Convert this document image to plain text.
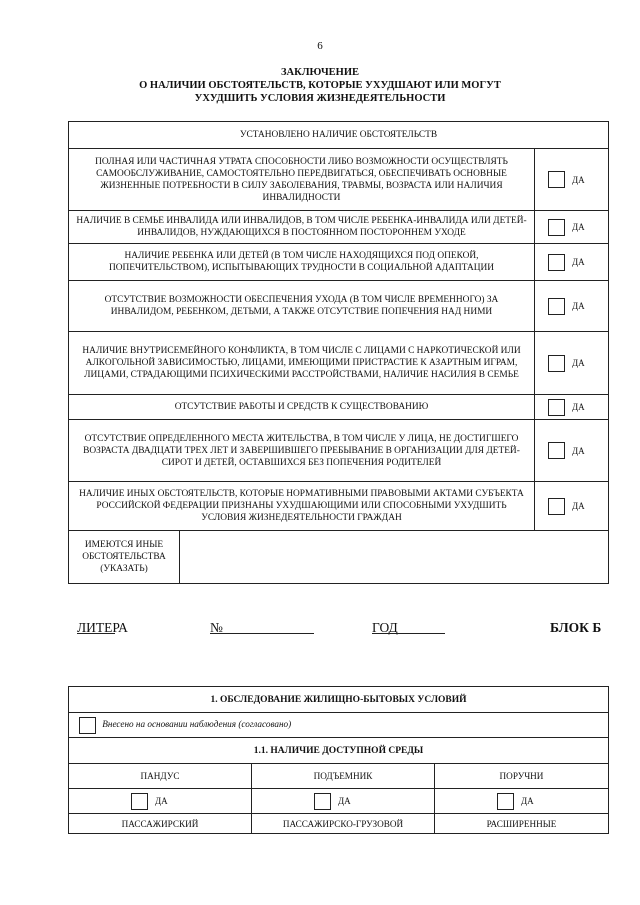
6
ЗАКЛЮЧЕНИЕ
О НАЛИЧИИ ОБСТОЯТЕЛЬСТВ, КОТОРЫЕ УХУДШАЮТ ИЛИ МОГУТ
УХУДШИТЬ УСЛОВИЯ ЖИЗНЕДЕЯТЕЛЬНОСТИ
УСТАНОВЛЕНО НАЛИЧИЕ ОБСТОЯТЕЛЬСТВ		
ПОЛНАЯ ИЛИ ЧАСТИЧНАЯ УТРАТА СПОСОБНОСТИ ЛИБО ВОЗМОЖНОСТИ ОСУЩЕСТВЛЯТЬ САМООБСЛУЖИВАНИЕ, САМОСТОЯТЕЛЬНО ПЕРЕДВИГАТЬСЯ, ОБЕСПЕЧИВАТЬ ОСНОВНЫЕ ЖИЗНЕННЫЕ ПОТРЕБНОСТИ В СИЛУ ЗАБОЛЕВАНИЯ, ТРАВМЫ, ВОЗРАСТА ИЛИ НАЛИЧИЯ ИНВАЛИДНОСТИ		ДА
НАЛИЧИЕ В СЕМЬЕ ИНВАЛИДА ИЛИ ИНВАЛИДОВ, В ТОМ ЧИСЛЕ РЕБЕНКА-ИНВАЛИДА ИЛИ ДЕТЕЙ-ИНВАЛИДОВ, НУЖДАЮЩИХСЯ В ПОСТОЯННОМ ПОСТОРОННЕМ УХОДЕ		ДА
НАЛИЧИЕ РЕБЕНКА ИЛИ ДЕТЕЙ (В ТОМ ЧИСЛЕ НАХОДЯЩИХСЯ ПОД ОПЕКОЙ, ПОПЕЧИТЕЛЬСТВОМ), ИСПЫТЫВАЮЩИХ ТРУДНОСТИ В СОЦИАЛЬНОЙ АДАПТАЦИИ		ДА
ОТСУТСТВИЕ ВОЗМОЖНОСТИ ОБЕСПЕЧЕНИЯ УХОДА (В ТОМ ЧИСЛЕ ВРЕМЕННОГО) ЗА ИНВАЛИДОМ, РЕБЕНКОМ, ДЕТЬМИ, А ТАКЖЕ ОТСУТСТВИЕ ПОПЕЧЕНИЯ НАД НИМИ		ДА
НАЛИЧИЕ ВНУТРИСЕМЕЙНОГО КОНФЛИКТА, В ТОМ ЧИСЛЕ С ЛИЦАМИ С НАРКОТИЧЕСКОЙ ИЛИ АЛКОГОЛЬНОЙ ЗАВИСИМОСТЬЮ, ЛИЦАМИ, ИМЕЮЩИМИ ПРИСТРАСТИЕ К АЗАРТНЫМ ИГРАМ, ЛИЦАМИ, СТРАДАЮЩИМИ ПСИХИЧЕСКИМИ РАССТРОЙСТВАМИ, НАЛИЧИЕ НАСИЛИЯ В СЕМЬЕ		ДА
ОТСУТСТВИЕ РАБОТЫ И СРЕДСТВ К СУЩЕСТВОВАНИЮ		ДА
ОТСУТСТВИЕ ОПРЕДЕЛЕННОГО МЕСТА ЖИТЕЛЬСТВА, В ТОМ ЧИСЛЕ У ЛИЦА, НЕ ДОСТИГШЕГО ВОЗРАСТА ДВАДЦАТИ ТРЕХ ЛЕТ И ЗАВЕРШИВШЕГО ПРЕБЫВАНИЕ В ОРГАНИЗАЦИИ ДЛЯ ДЕТЕЙ-СИРОТ И ДЕТЕЙ, ОСТАВШИХСЯ БЕЗ ПОПЕЧЕНИЯ РОДИТЕЛЕЙ		ДА
НАЛИЧИЕ ИНЫХ ОБСТОЯТЕЛЬСТВ, КОТОРЫЕ НОРМАТИВНЫМИ ПРАВОВЫМИ АКТАМИ СУБЪЕКТА РОССИЙСКОЙ ФЕДЕРАЦИИ ПРИЗНАНЫ УХУДШАЮЩИМИ ИЛИ СПОСОБНЫМИ УХУДШИТЬ УСЛОВИЯ ЖИЗНЕДЕЯТЕЛЬНОСТИ ГРАЖДАН		ДА
ИМЕЮТСЯ ИНЫЕ ОБСТОЯТЕЛЬСТВА (УКАЗАТЬ)		
ЛИТЕРА	№	ГОД	БЛОК Б
1. ОБСЛЕДОВАНИЕ ЖИЛИЩНО-БЫТОВЫХ УСЛОВИЙ		
Внесено на основании наблюдения (согласовано)		
1.1. НАЛИЧИЕ ДОСТУПНОЙ СРЕДЫ		
ПАНДУС	ПОДЪЕМНИК	ПОРУЧНИ
ДА	ДА	ДА
ПАССАЖИРСКИЙ	ПАССАЖИРСКО-ГРУЗОВОЙ	РАСШИРЕННЫЕ
